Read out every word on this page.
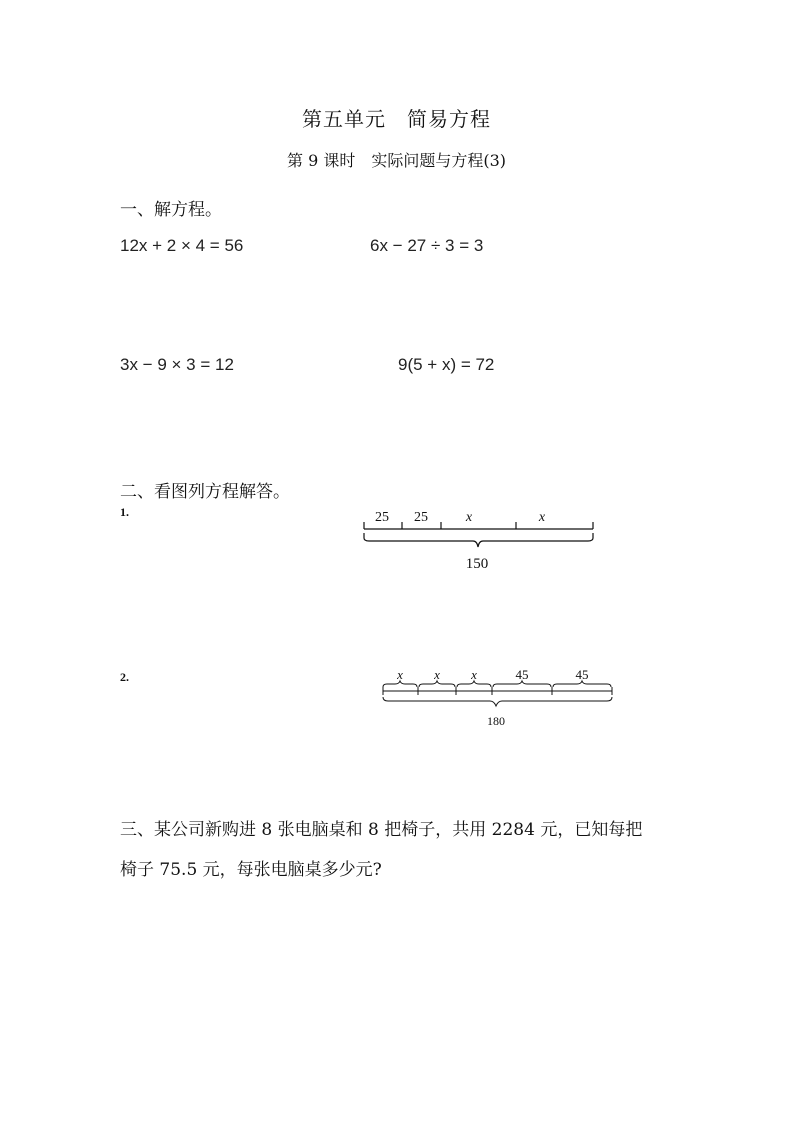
第五单元　简易方程
第 9 课时　实际问题与方程(3)
一、解方程。
12x + 2 × 4 = 56	6x − 27 ÷ 3 = 3
3x − 9 × 3 = 12	9(5 + x) = 72
二、看图列方程解答。
1.	25 25	x	x
150
2.	x x x	45	45
180
三、某公司新购进 8 张电脑桌和 8 把椅子，共用 2284 元，已知每把
椅子 75.5 元，每张电脑桌多少元?
